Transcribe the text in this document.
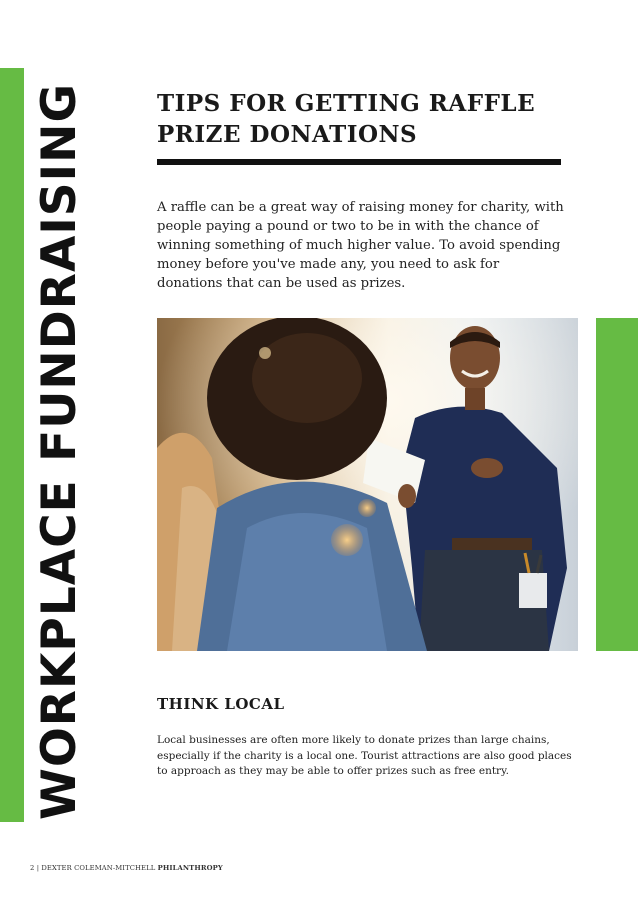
WORKPLACE FUNDRAISING	TIPS FOR GETTING RAFFLE PRIZE DONATIONS

A raffle can be a great way of raising money for charity, with people paying a pound or two to be in with the chance of winning something of much higher value. To avoid spending money before you've made any, you need to ask for donations that can be used as prizes.

THINK LOCAL

Local businesses are often more likely to donate prizes than large chains, especially if the charity is a local one. Tourist attractions are also good places to approach as they may be able to offer prizes such as free entry.

2 | DEXTER COLEMAN-MITCHELL PHILANTHROPY
